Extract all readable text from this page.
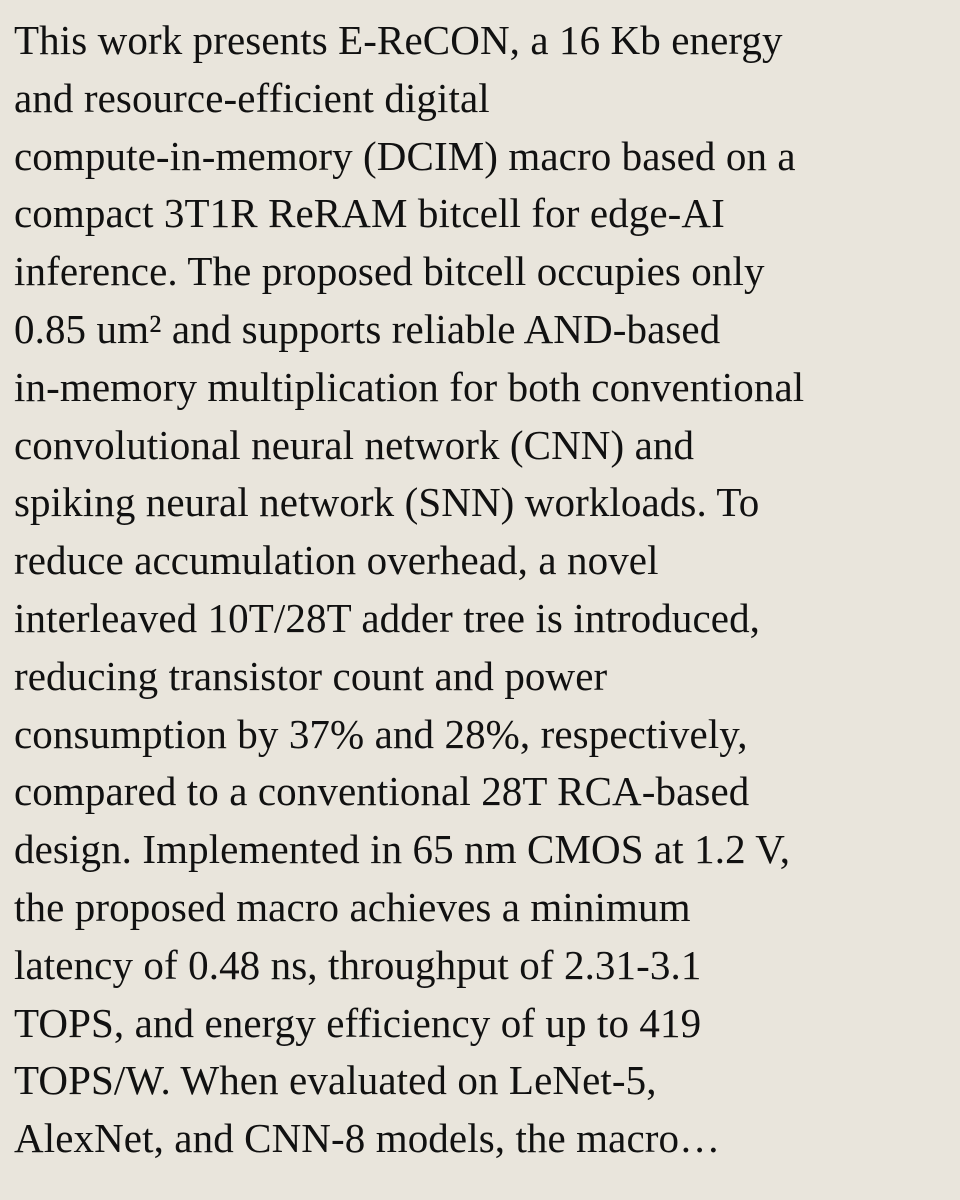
This work presents E-ReCON, a 16 Kb energy
and resource-efficient digital
compute-in-memory (DCIM) macro based on a
compact 3T1R ReRAM bitcell for edge-AI
inference. The proposed bitcell occupies only
0.85 um² and supports reliable AND-based
in-memory multiplication for both conventional
convolutional neural network (CNN) and
spiking neural network (SNN) workloads. To
reduce accumulation overhead, a novel
interleaved 10T/28T adder tree is introduced,
reducing transistor count and power
consumption by 37% and 28%, respectively,
compared to a conventional 28T RCA-based
design. Implemented in 65 nm CMOS at 1.2 V,
the proposed macro achieves a minimum
latency of 0.48 ns, throughput of 2.31-3.1
TOPS, and energy efficiency of up to 419
TOPS/W. When evaluated on LeNet-5,
AlexNet, and CNN-8 models, the macro…
